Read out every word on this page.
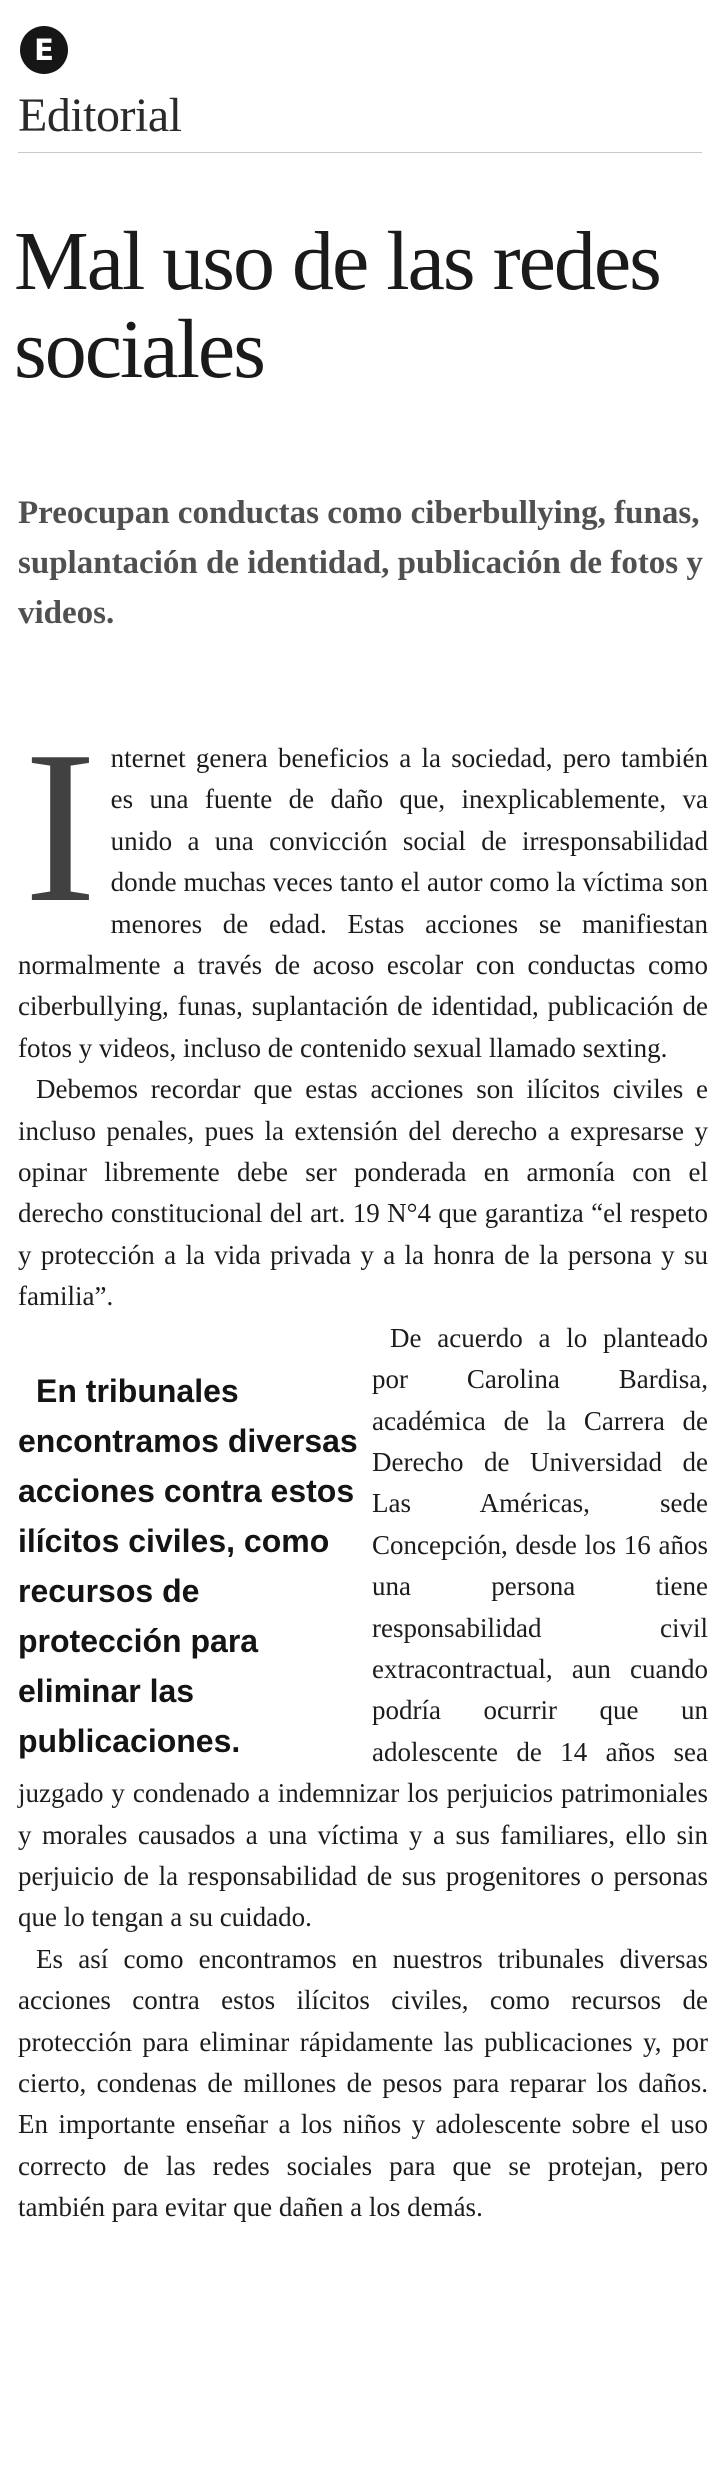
E
Editorial
Mal uso de las redes sociales

Preocupan conductas como ciberbullying, funas, suplantación de identidad, publicación de fotos y videos.

I nternet genera beneficios a la sociedad, pero también es una fuente de daño que, inexplicablemente, va unido a una convicción social de irresponsabilidad donde muchas veces tanto el autor como la víctima son menores de edad. Estas acciones se manifiestan normalmente a través de acoso escolar con conductas como ciberbullying, funas, suplantación de identidad, publicación de fotos y videos, incluso de contenido sexual llamado sexting.

Debemos recordar que estas acciones son ilícitos civiles e incluso penales, pues la extensión del derecho a expresarse y opinar libremente debe ser ponderada en armonía con el derecho constitucional del art. 19 N°4 que garantiza “el respeto y protección a la vida privada y a la honra de la persona y su familia”.

En tribunales encontramos diversas acciones contra estos ilícitos civiles, como recursos de protección para eliminar las publicaciones.
De acuerdo a lo planteado por Carolina Bardisa, académica de la Carrera de Derecho de Universidad de Las Américas, sede Concepción, desde los 16 años una persona tiene responsabilidad civil extracontractual, aun cuando podría ocurrir que un adolescente de 14 años sea juzgado y condenado a indemnizar los perjuicios patrimoniales y morales causados a una víctima y a sus familiares, ello sin perjuicio de la responsabilidad de sus progenitores o personas que lo tengan a su cuidado.

Es así como encontramos en nuestros tribunales diversas acciones contra estos ilícitos civiles, como recursos de protección para eliminar rápidamente las publicaciones y, por cierto, condenas de millones de pesos para reparar los daños. En importante enseñar a los niños y adolescente sobre el uso correcto de las redes sociales para que se protejan, pero también para evitar que dañen a los demás.
